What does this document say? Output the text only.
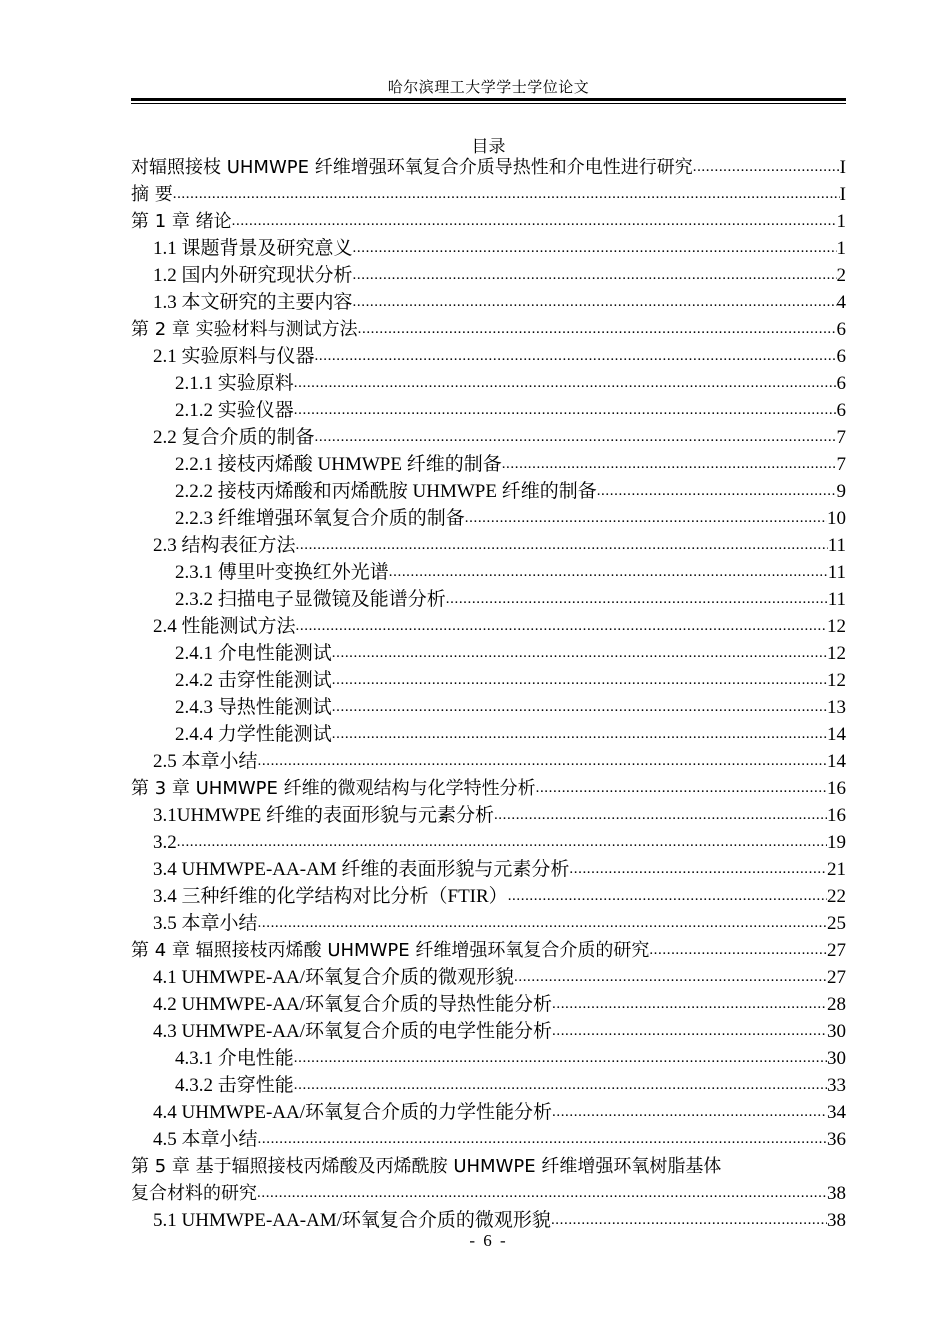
哈尔滨理工大学学士学位论文
目录
对辐照接枝 UHMWPE 纤维增强环氧复合介质导热性和介电性进行研究 .....	I
摘 要 .....	I
第 1 章 绪论 .....	1
1.1 课题背景及研究意义 .....	1
1.2 国内外研究现状分析 .....	2
1.3 本文研究的主要内容 .....	4
第 2 章 实验材料与测试方法 .....	6
2.1 实验原料与仪器 .....	6
2.1.1 实验原料 .....	6
2.1.2 实验仪器 .....	6
2.2 复合介质的制备 .....	7
2.2.1 接枝丙烯酸 UHMWPE 纤维的制备 .....	7
2.2.2 接枝丙烯酸和丙烯酰胺 UHMWPE 纤维的制备 .....	9
2.2.3 纤维增强环氧复合介质的制备 .....	10
2.3 结构表征方法 .....	11
2.3.1 傅里叶变换红外光谱 .....	11
2.3.2 扫描电子显微镜及能谱分析 .....	11
2.4 性能测试方法 .....	12
2.4.1 介电性能测试 .....	12
2.4.2 击穿性能测试 .....	12
2.4.3 导热性能测试 .....	13
2.4.4 力学性能测试 .....	14
2.5 本章小结 .....	14
第 3 章 UHMWPE 纤维的微观结构与化学特性分析 .....	16
3.1UHMWPE 纤维的表面形貌与元素分析 .....	16
3.2 .....	19
3.4 UHMWPE-AA-AM 纤维的表面形貌与元素分析 .....	21
3.4 三种纤维的化学结构对比分析（FTIR） .....	22
3.5 本章小结 .....	25
第 4 章 辐照接枝丙烯酸 UHMWPE 纤维增强环氧复合介质的研究 .....	27
4.1 UHMWPE-AA/环氧复合介质的微观形貌 .....	27
4.2 UHMWPE-AA/环氧复合介质的导热性能分析 .....	28
4.3 UHMWPE-AA/环氧复合介质的电学性能分析 .....	30
4.3.1 介电性能 .....	30
4.3.2 击穿性能 .....	33
4.4 UHMWPE-AA/环氧复合介质的力学性能分析 .....	34
4.5 本章小结 .....	36
第 5 章 基于辐照接枝丙烯酸及丙烯酰胺 UHMWPE 纤维增强环氧树脂基体
复合材料的研究 .....	38
5.1 UHMWPE-AA-AM/环氧复合介质的微观形貌 .....	38
- 6 -
